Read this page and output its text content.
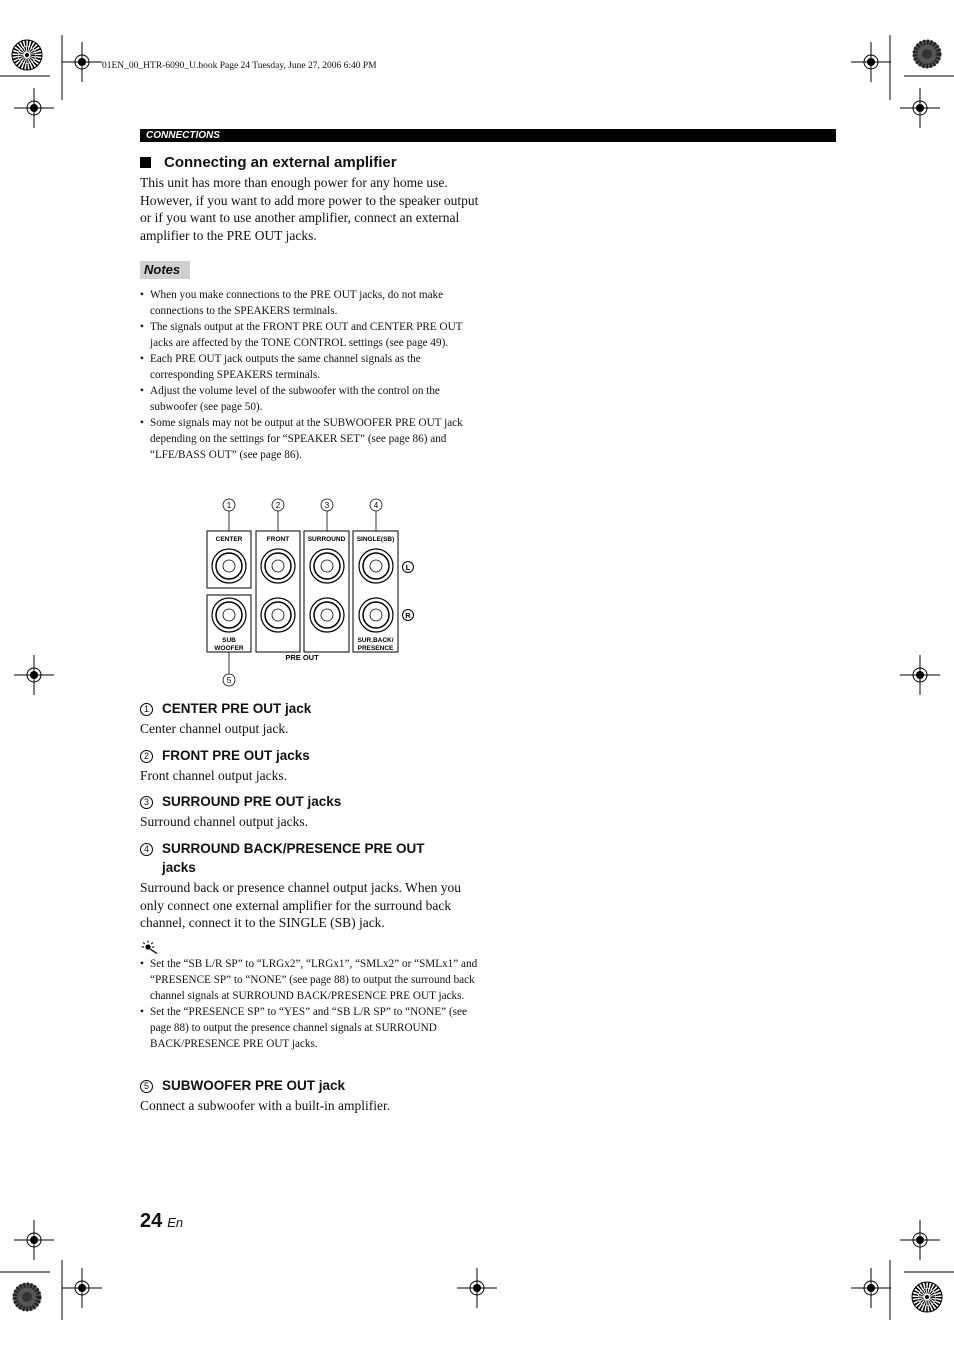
01EN_00_HTR-6090_U.book Page 24 Tuesday, June 27, 2006 6:40 PM
CONNECTIONS
Connecting an external amplifier
This unit has more than enough power for any home use. However, if you want to add more power to the speaker output or if you want to use another amplifier, connect an external amplifier to the PRE OUT jacks.
Notes
• When you make connections to the PRE OUT jacks, do not make connections to the SPEAKERS terminals.
• The signals output at the FRONT PRE OUT and CENTER PRE OUT jacks are affected by the TONE CONTROL settings (see page 49).
• Each PRE OUT jack outputs the same channel signals as the corresponding SPEAKERS terminals.
• Adjust the volume level of the subwoofer with the control on the subwoofer (see page 50).
• Some signals may not be output at the SUBWOOFER PRE OUT jack depending on the settings for “SPEAKER SET” (see page 86) and “LFE/BASS OUT” (see page 86).
1	2	3	4
5
CENTER
SUB
WOOFER
FRONT	SURROUND SINGLE(SB)
SUR.BACK/
PRESENCE
L
R
PRE OUT
1 CENTER PRE OUT jack
Center channel output jack.
2 FRONT PRE OUT jacks
Front channel output jacks.
3 SURROUND PRE OUT jacks
Surround channel output jacks.
4 SURROUND BACK/PRESENCE PRE OUT jacks
Surround back or presence channel output jacks. When you only connect one external amplifier for the surround back channel, connect it to the SINGLE (SB) jack.
• Set the “SB L/R SP” to “LRGx2”, “LRGx1”, “SMLx2” or “SMLx1” and “PRESENCE SP” to “NONE” (see page 88) to output the surround back channel signals at SURROUND BACK/PRESENCE PRE OUT jacks.
• Set the “PRESENCE SP” to “YES” and “SB L/R SP” to “NONE” (see page 88) to output the presence channel signals at SURROUND BACK/PRESENCE PRE OUT jacks.
5 SUBWOOFER PRE OUT jack
Connect a subwoofer with a built-in amplifier.
24 En
